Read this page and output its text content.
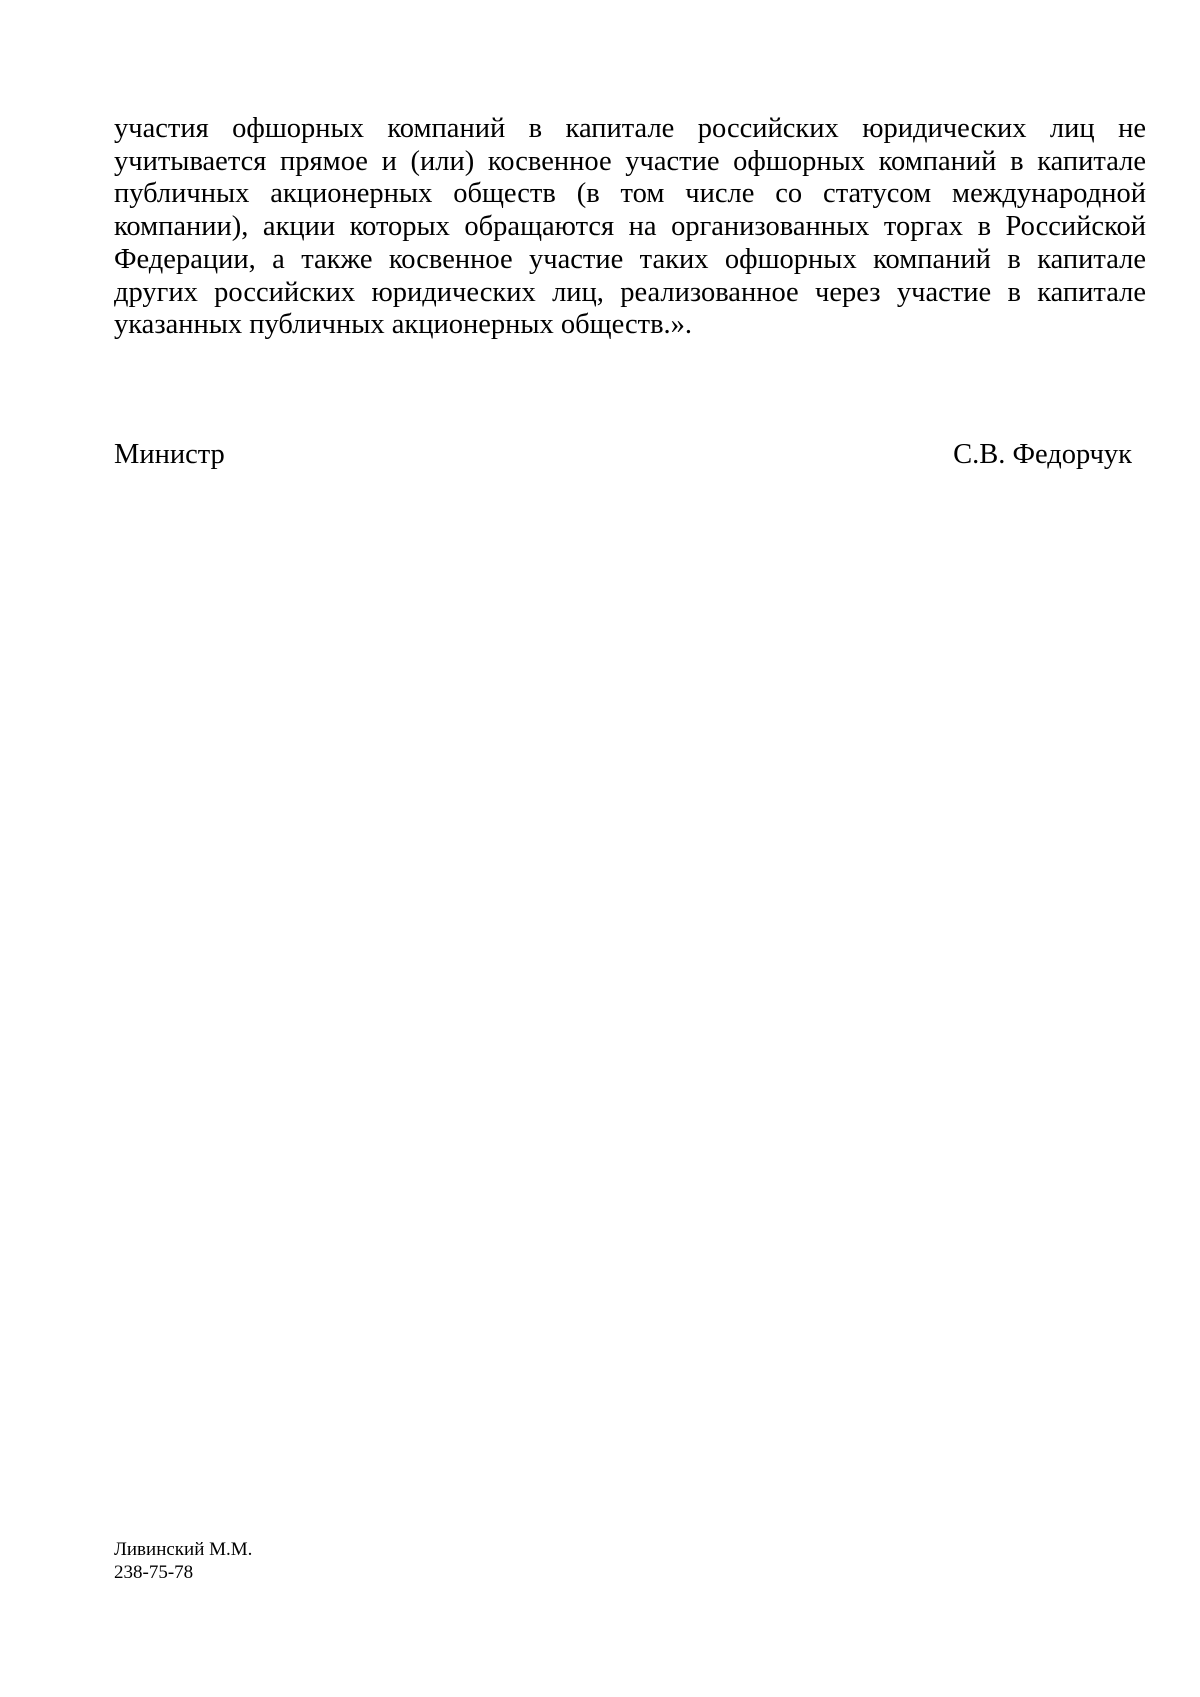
участия офшорных компаний в капитале российских юридических лиц не
учитывается прямое и (или) косвенное участие офшорных компаний в капитале
публичных акционерных обществ (в том числе со статусом международной
компании), акции которых обращаются на организованных торгах в Российской
Федерации, а также косвенное участие таких офшорных компаний в капитале
других российских юридических лиц, реализованное через участие в капитале
указанных публичных акционерных обществ.».

Министр	С.В. Федорчук
Ливинский М.М.
238-75-78
